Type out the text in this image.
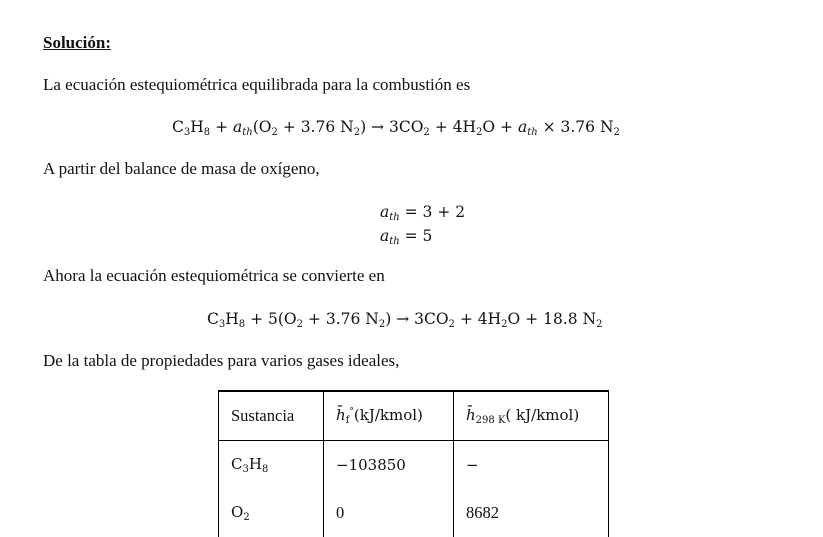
Solución:
La ecuación estequiométrica equilibrada para la combustión es
$C_3H_8 + a_{th}(O_2 + 3.76$ $N_2) \to 3CO_2 + 4H_2O + a_{th} \times 3.76$ $N_2$
A partir del balance de masa de oxígeno,
$a_{th} = 3 + 2$
$a_{th} = 5$
Ahora la ecuación estequiométrica se convierte en
$C_3H_8 + 5(O_2 + 3.76$ $N_2) \to 3CO_2 + 4H_2O + 18.8$ $N_2$
De la tabla de propiedades para varios gases ideales,
Sustancia	$h̄_f^\circ(kJ/kmol)$	$h̄_{298 K}$( kJ/kmol)
$C_3H_8$	−103850	−
$O_2$	0	8682
